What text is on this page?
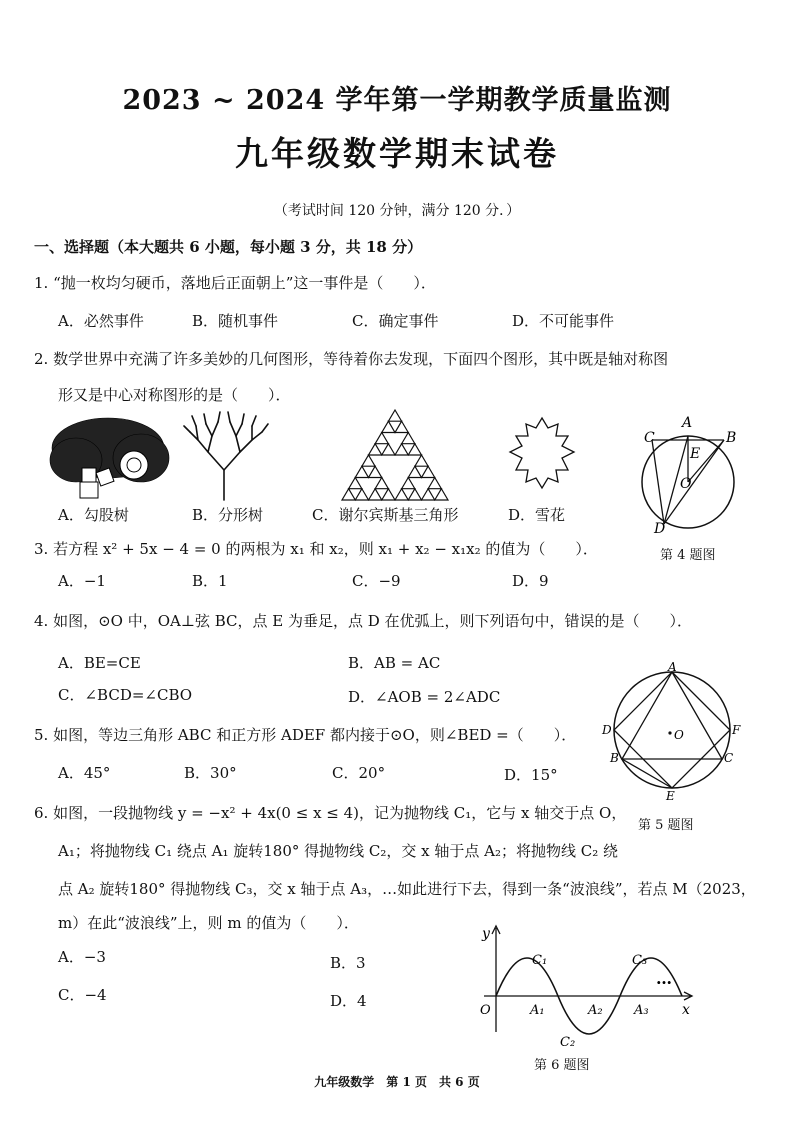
2023 ~ 2024 学年第一学期教学质量监测
九年级数学期末试卷
（考试时间 120 分钟，满分 120 分．）
一、选择题（本大题共 6 小题，每小题 3 分，共 18 分）
1. “抛一枚均匀硬币，落地后正面朝上”这一事件是（　　）．
A．必然事件	B．随机事件	C．确定事件	D．不可能事件
2. 数学世界中充满了许多美妙的几何图形，等待着你去发现，下面四个图形，其中既是轴对称图
形又是中心对称图形的是（　　）．
A．勾股树	B．分形树	C．谢尔宾斯基三角形	D．雪花
C
A
B
E
O
D
第 4 题图
3. 若方程 x² + 5x − 4 = 0 的两根为 x₁ 和 x₂，则 x₁ + x₂ − x₁x₂ 的值为（　　）．
A．−1	B．1	C．−9	D．9
4. 如图，⊙O 中，OA⊥弦 BC，点 E 为垂足，点 D 在优弧上，则下列语句中，错误的是（　　）．
A．BE=CE	B．AB = AC
C．∠BCD=∠CBO	D．∠AOB = 2∠ADC
A
D	F
B	C
O
E
第 5 题图
5. 如图，等边三角形 ABC 和正方形 ADEF 都内接于⊙O，则∠BED =（　　）．
A．45°	B．30°	C．20°	D．15°
6. 如图，一段抛物线 y = −x² + 4x(0 ≤ x ≤ 4)，记为抛物线 C₁，它与 x 轴交于点 O，
A₁；将抛物线 C₁ 绕点 A₁ 旋转180° 得抛物线 C₂，交 x 轴于点 A₂；将抛物线 C₂ 绕
点 A₂ 旋转180° 得抛物线 C₃，交 x 轴于点 A₃，…如此进行下去，得到一条“波浪线”，若点 M（2023，
m）在此“波浪线”上，则 m 的值为（　　）．
A．−3	B．3
C．−4	D．4
y
x
O
C₁
C₂
C₃
A₁	A₂ A₃
…
第 6 题图
九年级数学　第 1 页　共 6 页
